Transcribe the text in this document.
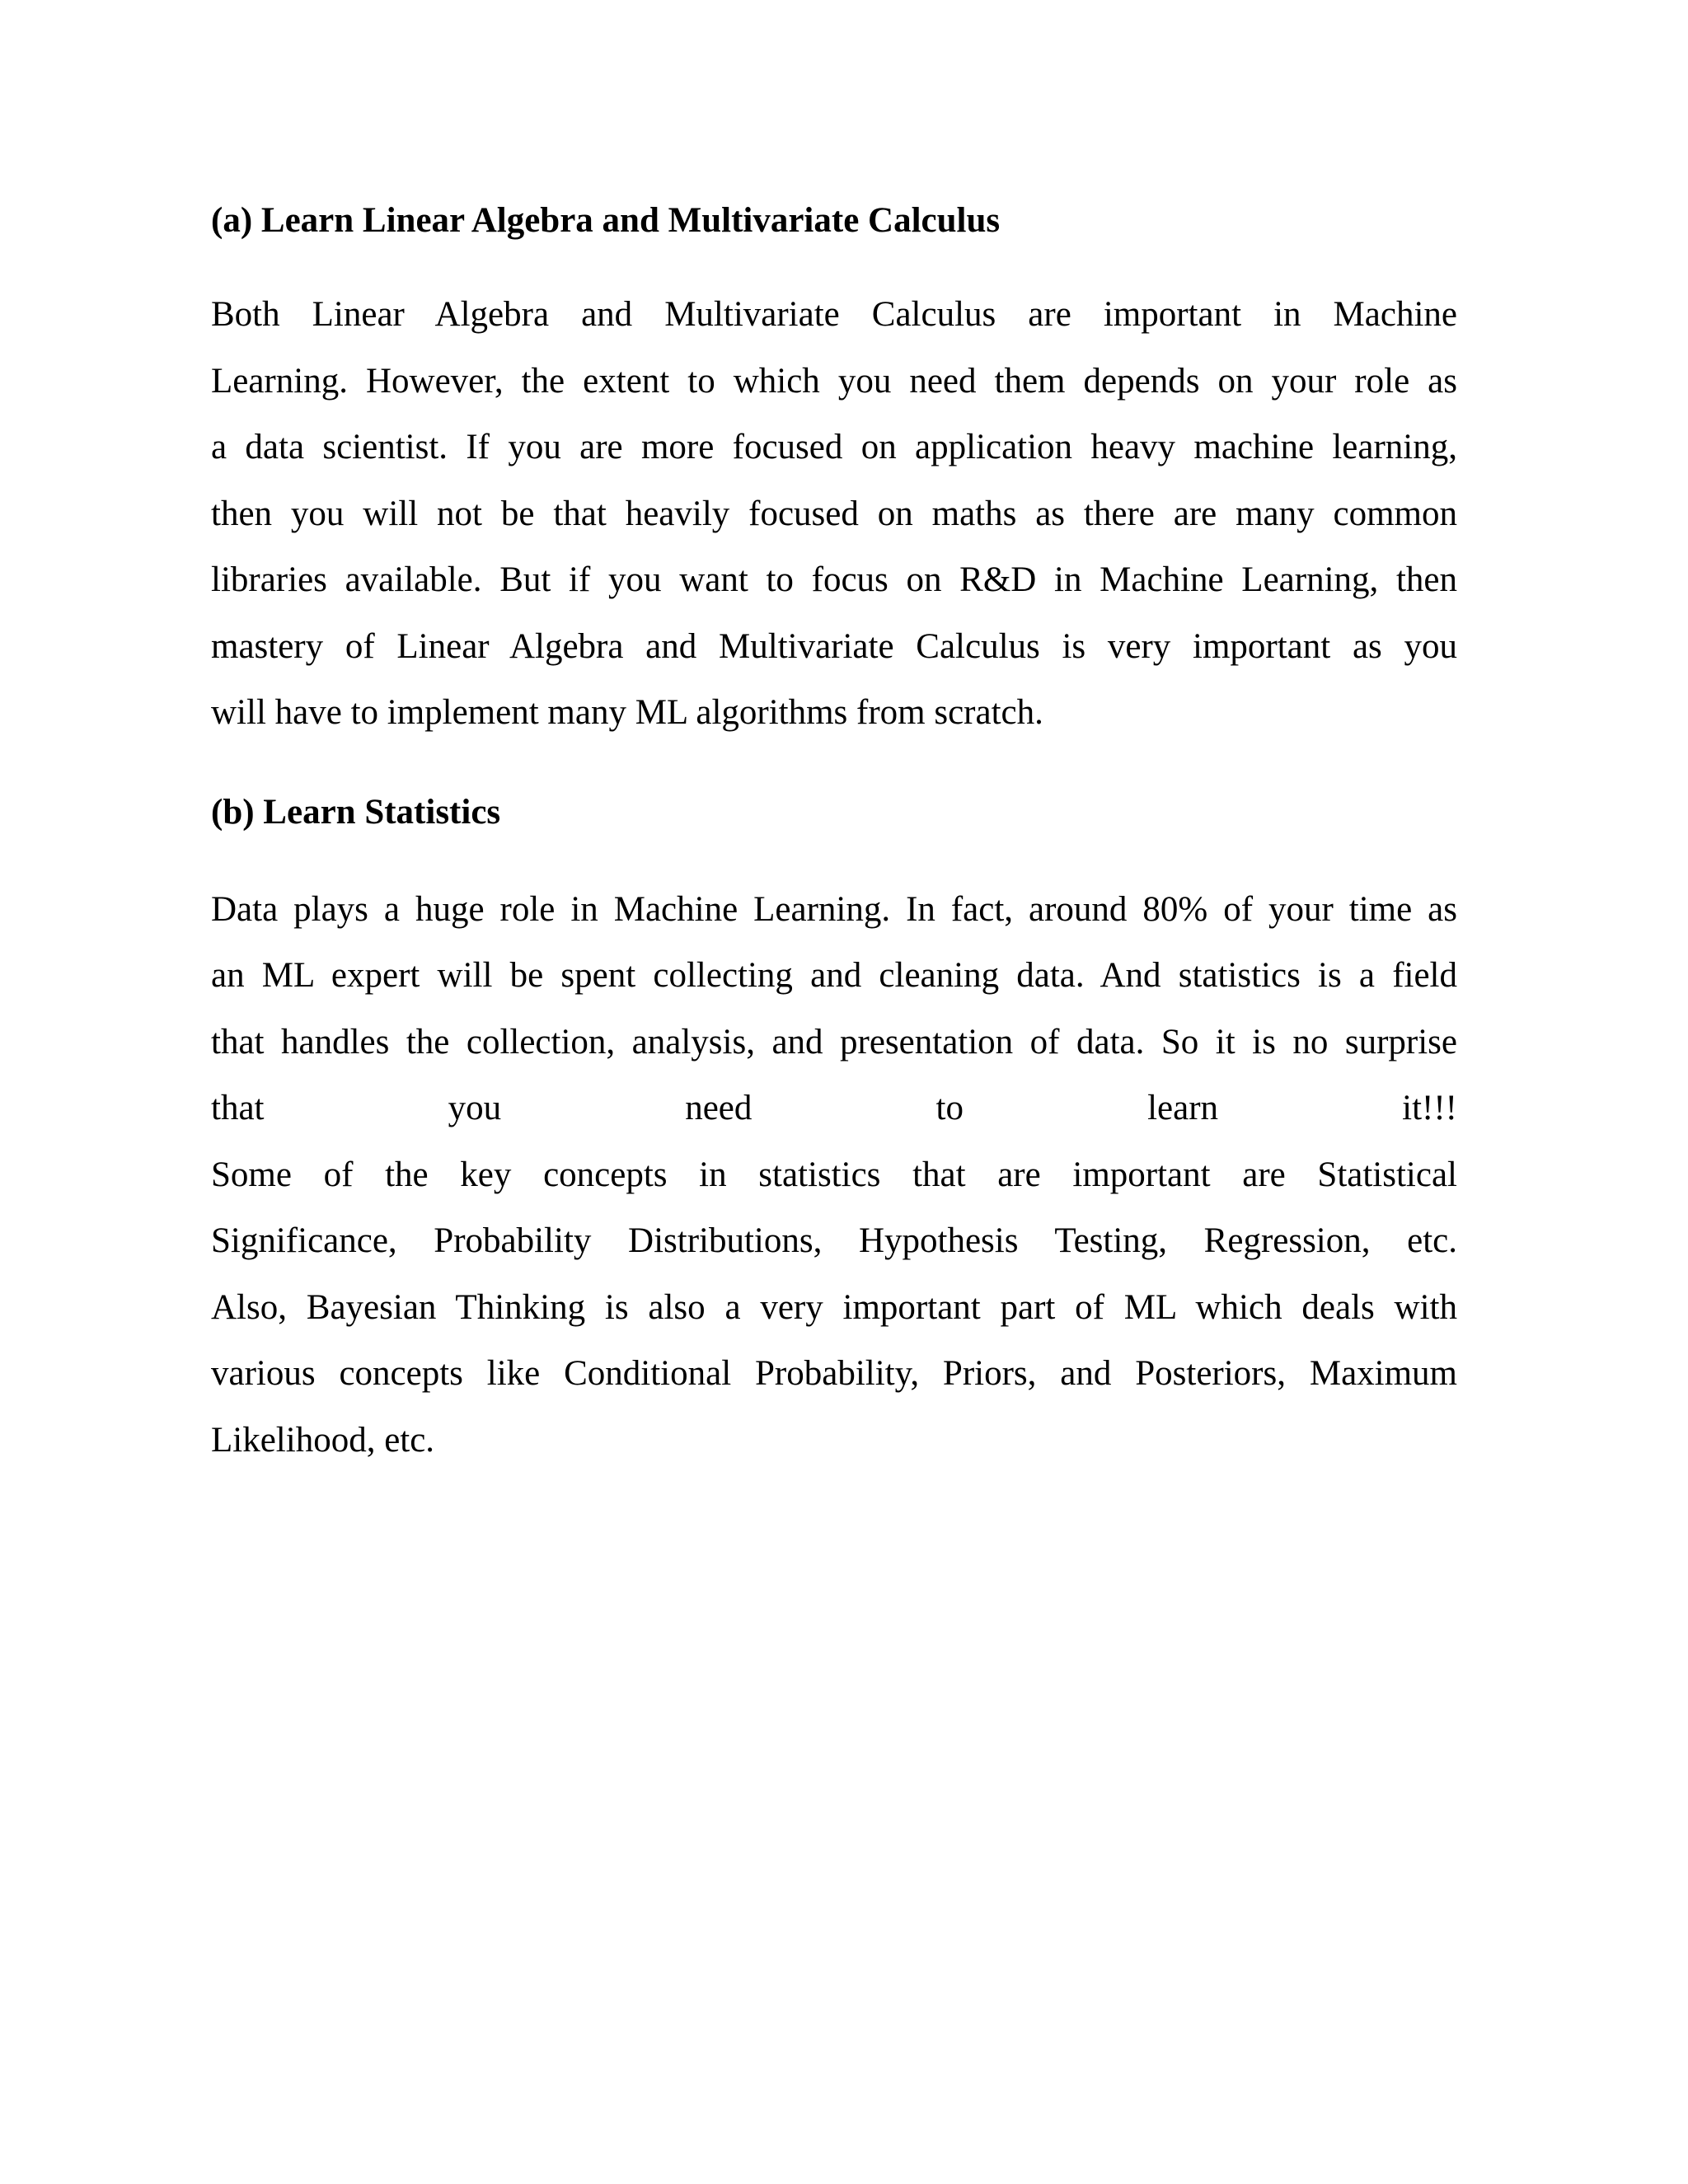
(a) Learn Linear Algebra and Multivariate Calculus

Both Linear Algebra and Multivariate Calculus are important in Machine
Learning. However, the extent to which you need them depends on your role as
a data scientist. If you are more focused on application heavy machine learning,
then you will not be that heavily focused on maths as there are many common
libraries available. But if you want to focus on R&D in Machine Learning, then
mastery of Linear Algebra and Multivariate Calculus is very important as you
will have to implement many ML algorithms from scratch.

(b) Learn Statistics

Data plays a huge role in Machine Learning. In fact, around 80% of your time as
an ML expert will be spent collecting and cleaning data. And statistics is a field
that handles the collection, analysis, and presentation of data. So it is no surprise
that you need to learn it!!!
Some of the key concepts in statistics that are important are Statistical
Significance, Probability Distributions, Hypothesis Testing, Regression, etc.
Also, Bayesian Thinking is also a very important part of ML which deals with
various concepts like Conditional Probability, Priors, and Posteriors, Maximum
Likelihood, etc.
